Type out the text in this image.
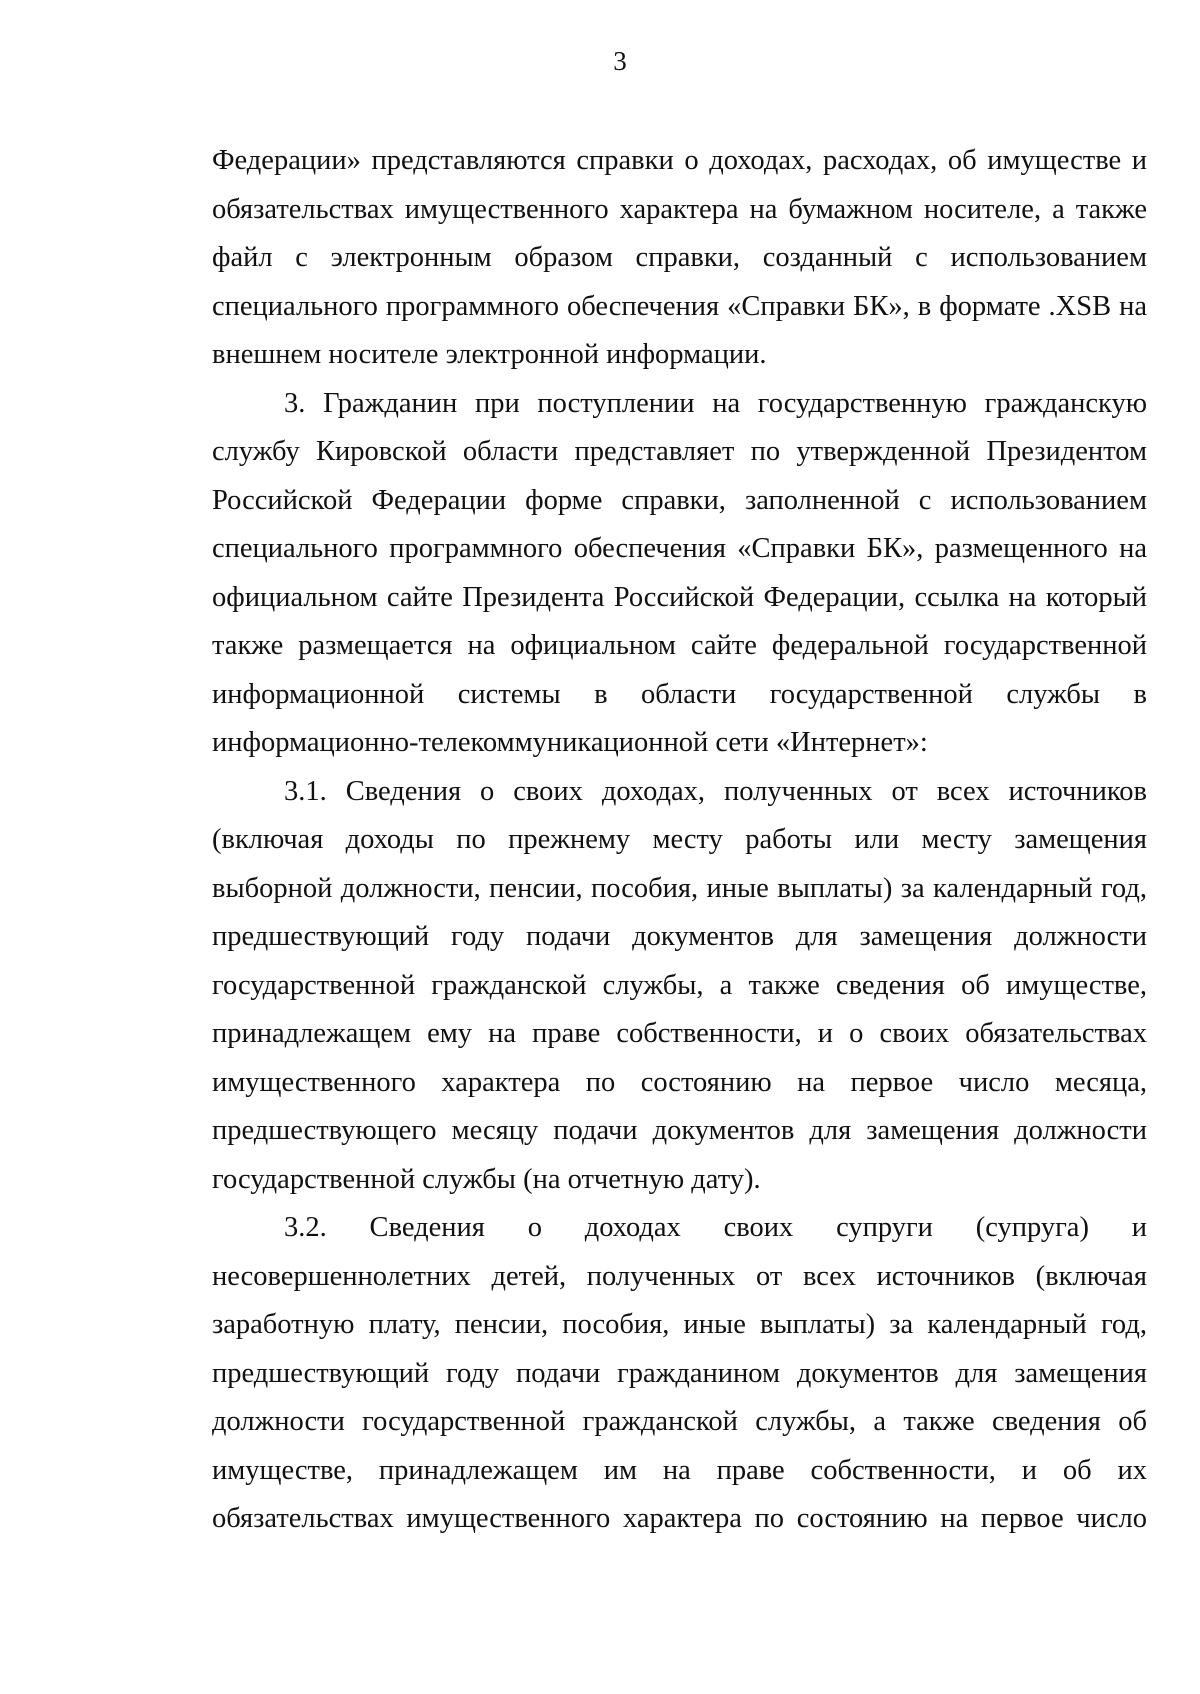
3
Федерации» представляются справки о доходах, расходах, об имуществе и
обязательствах имущественного характера на бумажном носителе, а также
файл с электронным образом справки, созданный с использованием
специального программного обеспечения «Справки БК», в формате .XSB на
внешнем носителе электронной информации.
3. Гражданин при поступлении на государственную гражданскую
службу Кировской области представляет по утвержденной Президентом
Российской Федерации форме справки, заполненной с использованием
специального программного обеспечения «Справки БК», размещенного на
официальном сайте Президента Российской Федерации, ссылка на который
также размещается на официальном сайте федеральной государственной
информационной системы в области государственной службы в
информационно-телекоммуникационной сети «Интернет»:
3.1. Сведения о своих доходах, полученных от всех источников
(включая доходы по прежнему месту работы или месту замещения
выборной должности, пенсии, пособия, иные выплаты) за календарный год,
предшествующий году подачи документов для замещения должности
государственной гражданской службы, а также сведения об имуществе,
принадлежащем ему на праве собственности, и о своих обязательствах
имущественного характера по состоянию на первое число месяца,
предшествующего месяцу подачи документов для замещения должности
государственной службы (на отчетную дату).
3.2. Сведения о доходах своих супруги (супруга) и
несовершеннолетних детей, полученных от всех источников (включая
заработную плату, пенсии, пособия, иные выплаты) за календарный год,
предшествующий году подачи гражданином документов для замещения
должности государственной гражданской службы, а также сведения об
имуществе, принадлежащем им на праве собственности, и об их
обязательствах имущественного характера по состоянию на первое число
